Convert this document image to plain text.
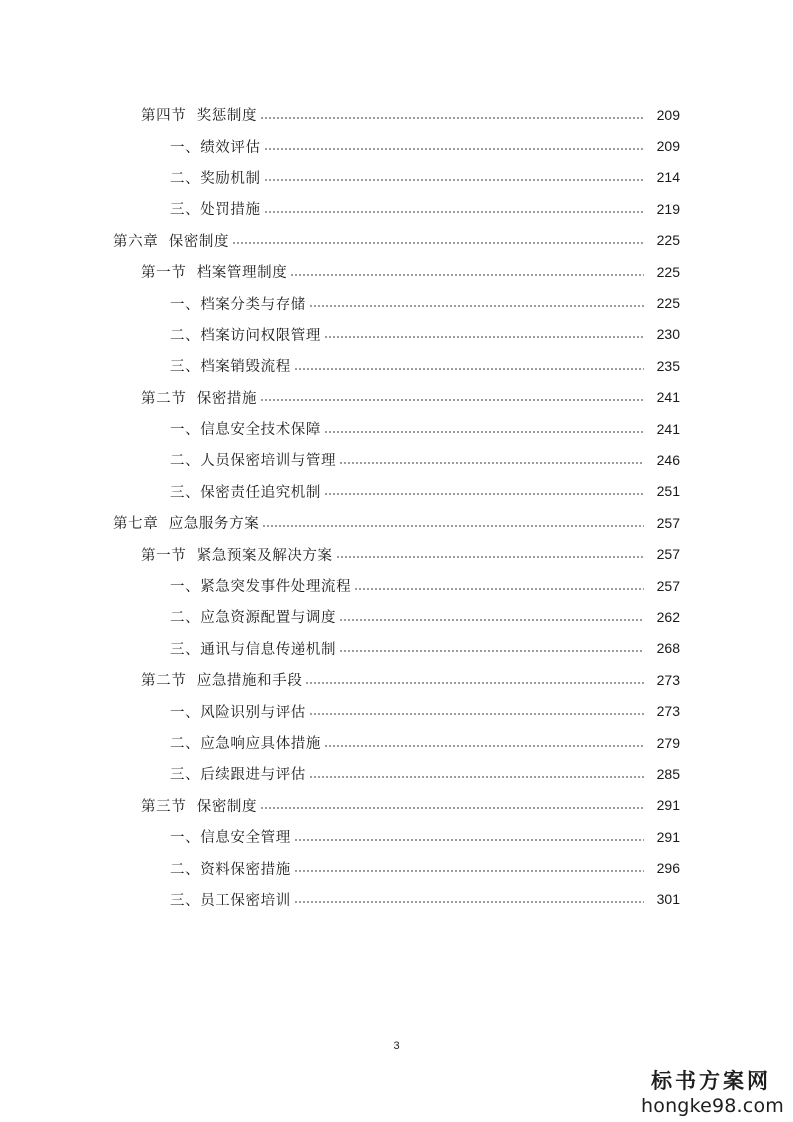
第四节  奖惩制度	209
一、绩效评估	209
二、奖励机制	214
三、处罚措施	219
第六章  保密制度	225
第一节  档案管理制度	225
一、档案分类与存储	225
二、档案访问权限管理	230
三、档案销毁流程	235
第二节  保密措施	241
一、信息安全技术保障	241
二、人员保密培训与管理	246
三、保密责任追究机制	251
第七章  应急服务方案	257
第一节  紧急预案及解决方案	257
一、紧急突发事件处理流程	257
二、应急资源配置与调度	262
三、通讯与信息传递机制	268
第二节  应急措施和手段	273
一、风险识别与评估	273
二、应急响应具体措施	279
三、后续跟进与评估	285
第三节  保密制度	291
一、信息安全管理	291
二、资料保密措施	296
三、员工保密培训	301
3
标书方案网
hongke98.com
